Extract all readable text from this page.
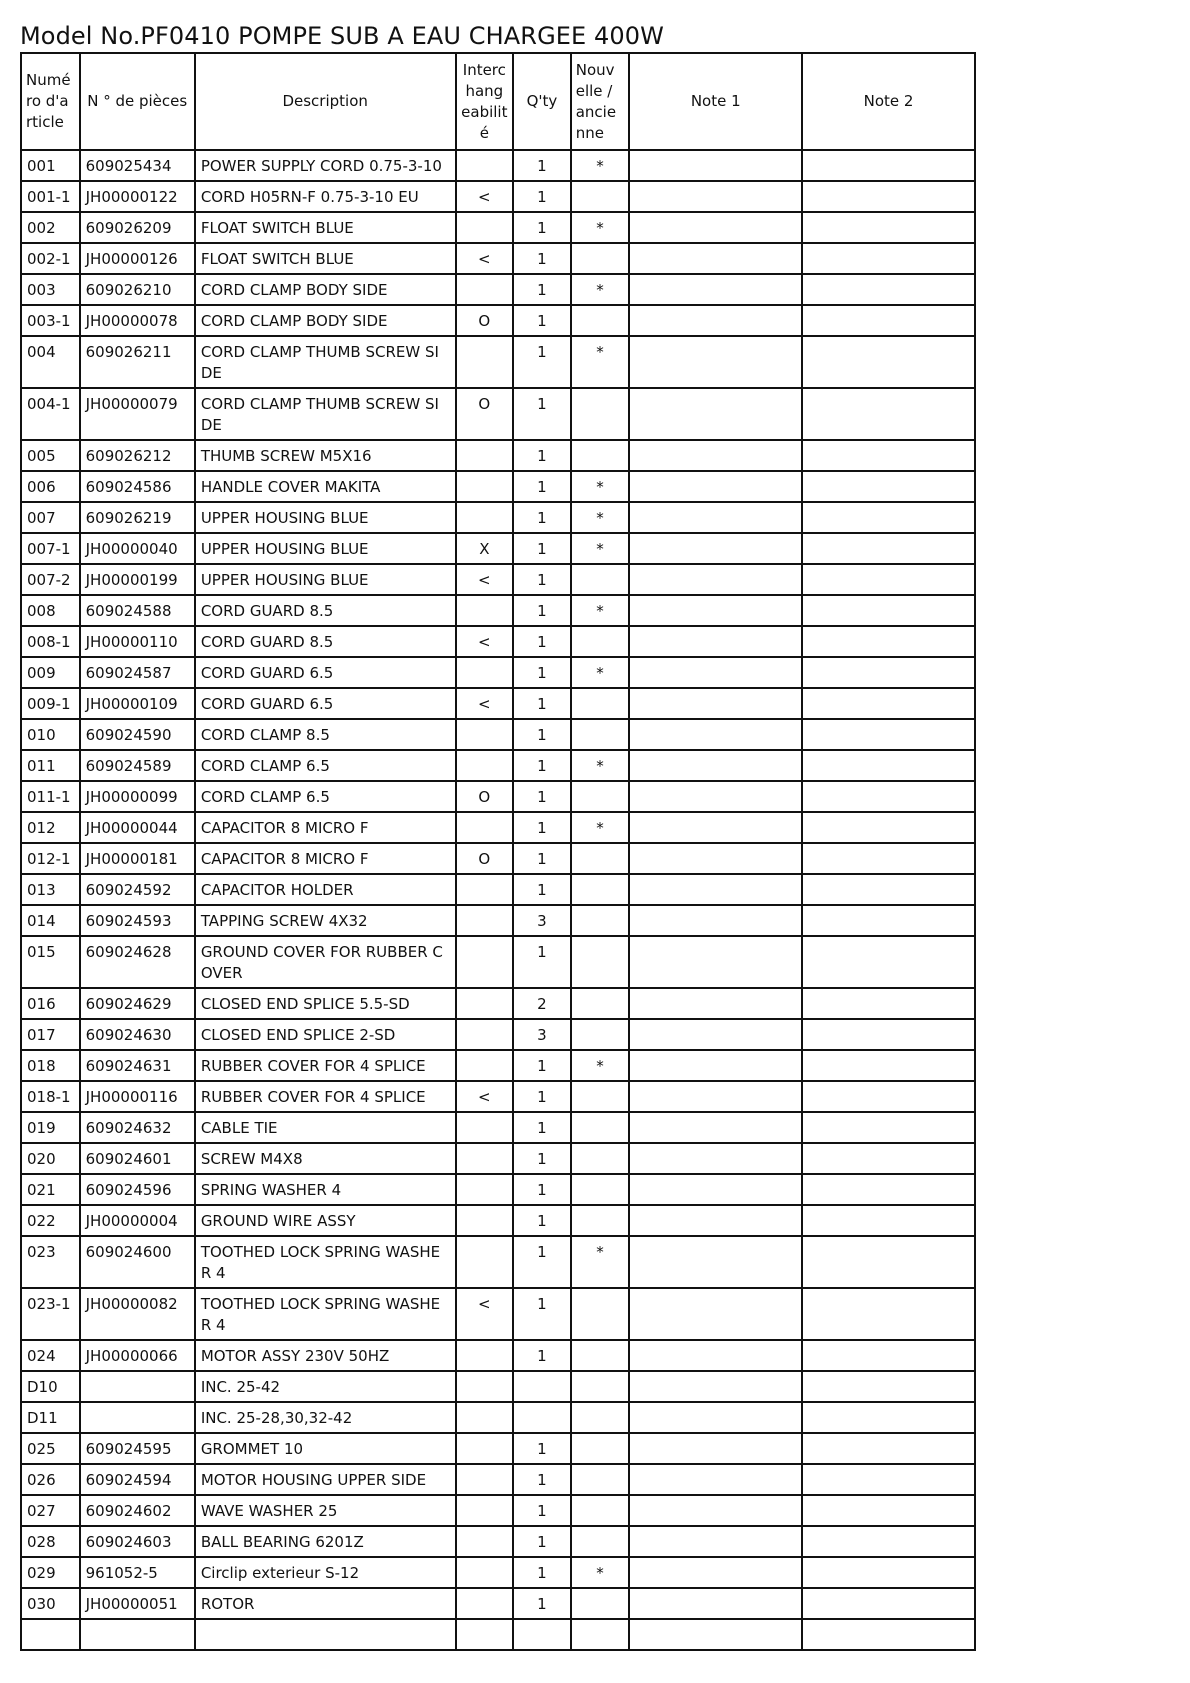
Model No.PF0410 POMPE SUB A EAU CHARGEE 400W
Numé ro d'a rticle	N ° de pièces	Description	Interc hang eabilit é	Q'ty	Nouv elle / ancie nne	Note 1	Note 2
001	609025434	POWER SUPPLY CORD 0.75-3-10		1	*		
001-1	JH00000122	CORD H05RN-F 0.75-3-10 EU	<	1			
002	609026209	FLOAT SWITCH BLUE		1	*		
002-1	JH00000126	FLOAT SWITCH BLUE	<	1			
003	609026210	CORD CLAMP BODY SIDE		1	*		
003-1	JH00000078	CORD CLAMP BODY SIDE	O	1			
004	609026211	CORD CLAMP THUMB SCREW SI DE		1	*		
004-1	JH00000079	CORD CLAMP THUMB SCREW SI DE	O	1			
005	609026212	THUMB SCREW M5X16		1			
006	609024586	HANDLE COVER MAKITA		1	*		
007	609026219	UPPER HOUSING BLUE		1	*		
007-1	JH00000040	UPPER HOUSING BLUE	X	1	*		
007-2	JH00000199	UPPER HOUSING BLUE	<	1			
008	609024588	CORD GUARD 8.5		1	*		
008-1	JH00000110	CORD GUARD 8.5	<	1			
009	609024587	CORD GUARD 6.5		1	*		
009-1	JH00000109	CORD GUARD 6.5	<	1			
010	609024590	CORD CLAMP 8.5		1			
011	609024589	CORD CLAMP 6.5		1	*		
011-1	JH00000099	CORD CLAMP 6.5	O	1			
012	JH00000044	CAPACITOR 8 MICRO F		1	*		
012-1	JH00000181	CAPACITOR 8 MICRO F	O	1			
013	609024592	CAPACITOR HOLDER		1			
014	609024593	TAPPING SCREW 4X32		3			
015	609024628	GROUND COVER FOR RUBBER C OVER		1			
016	609024629	CLOSED END SPLICE 5.5-SD		2			
017	609024630	CLOSED END SPLICE 2-SD		3			
018	609024631	RUBBER COVER FOR 4 SPLICE		1	*		
018-1	JH00000116	RUBBER COVER FOR 4 SPLICE	<	1			
019	609024632	CABLE TIE		1			
020	609024601	SCREW M4X8		1			
021	609024596	SPRING WASHER 4		1			
022	JH00000004	GROUND WIRE ASSY		1			
023	609024600	TOOTHED LOCK SPRING WASHE R 4		1	*		
023-1	JH00000082	TOOTHED LOCK SPRING WASHE R 4	<	1			
024	JH00000066	MOTOR ASSY 230V 50HZ		1			
D10		INC. 25-42					
D11		INC. 25-28,30,32-42					
025	609024595	GROMMET 10		1			
026	609024594	MOTOR HOUSING UPPER SIDE		1			
027	609024602	WAVE WASHER 25		1			
028	609024603	BALL BEARING 6201Z		1			
029	961052-5	Circlip exterieur S-12		1	*		
030	JH00000051	ROTOR		1			
